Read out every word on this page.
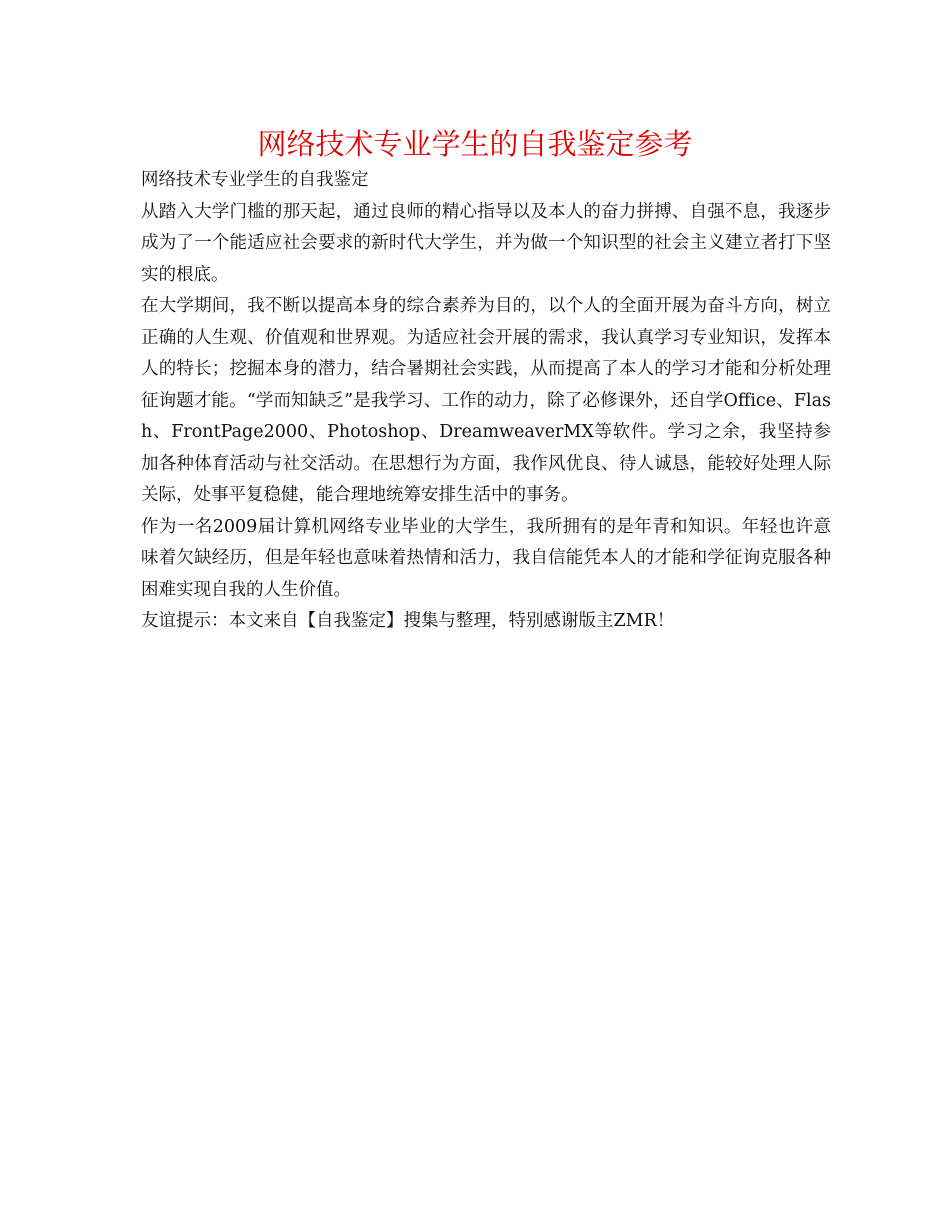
网络技术专业学生的自我鉴定参考

网络技术专业学生的自我鉴定

从踏入大学门槛的那天起，通过良师的精心指导以及本人的奋力拼搏、自强不息，我逐步成为了一个能适应社会要求的新时代大学生，并为做一个知识型的社会主义建立者打下坚实的根底。

在大学期间，我不断以提高本身的综合素养为目的，以个人的全面开展为奋斗方向，树立正确的人生观、价值观和世界观。为适应社会开展的需求，我认真学习专业知识，发挥本人的特长；挖掘本身的潜力，结合暑期社会实践，从而提高了本人的学习才能和分析处理征询题才能。“学而知缺乏”是我学习、工作的动力，除了必修课外，还自学Office、Flash、FrontPage2000、Photoshop、DreamweaverMX等软件。学习之余，我坚持参加各种体育活动与社交活动。在思想行为方面，我作风优良、待人诚恳，能较好处理人际关际，处事平复稳健，能合理地统筹安排生活中的事务。

作为一名2009届计算机网络专业毕业的大学生，我所拥有的是年青和知识。年轻也许意味着欠缺经历，但是年轻也意味着热情和活力，我自信能凭本人的才能和学征询克服各种困难实现自我的人生价值。

友谊提示：本文来自【自我鉴定】搜集与整理，特别感谢版主ZMR！
